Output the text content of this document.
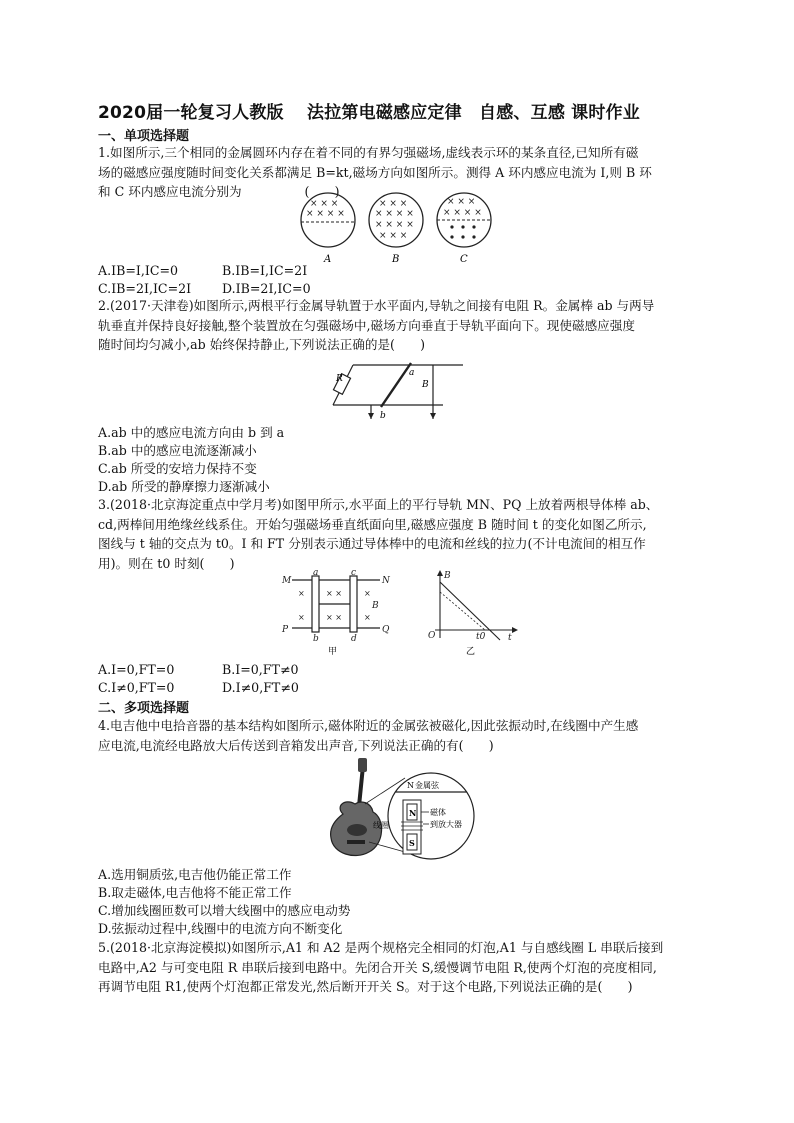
2020届一轮复习人教版　 法拉第电磁感应定律　自感、互感 课时作业
一、单项选择题
1.如图所示,三个相同的金属圆环内存在着不同的有界匀强磁场,虚线表示环的某条直径,已知所有磁
场的磁感应强度随时间变化关系都满足 B=kt,磁场方向如图所示。测得 A 环内感应电流为 I,则 B 环
和 C 环内感应电流分别为　　　　　(　　)
× × ×
× × × ×
× × ×
× × × ×
× × × ×
× × ×
× × ×
× × × ×
A	B	C
A.IB=I,IC=0	B.IB=I,IC=2I
C.IB=2I,IC=2I D.IB=2I,IC=0
2.(2017·天津卷)如图所示,两根平行金属导轨置于水平面内,导轨之间接有电阻 R。金属棒 ab 与两导
轨垂直并保持良好接触,整个装置放在匀强磁场中,磁场方向垂直于导轨平面向下。现使磁感应强度
随时间均匀减小,ab 始终保持静止,下列说法正确的是(　　)
R
a
b
B
A.ab 中的感应电流方向由 b 到 a
B.ab 中的感应电流逐渐减小
C.ab 所受的安培力保持不变
D.ab 所受的静摩擦力逐渐减小
3.(2018·北京海淀重点中学月考)如图甲所示,水平面上的平行导轨 MN、PQ 上放着两根导体棒 ab、
cd,两棒间用绝缘丝线系住。开始匀强磁场垂直纸面向里,磁感应强度 B 随时间 t 的变化如图乙所示,
图线与 t 轴的交点为 t0。I 和 FT 分别表示通过导体棒中的电流和丝线的拉力(不计电流间的相互作
用)。则在 t0 时刻(　　)
×	× ×	×
×	× ×	×
M	N
P	Q
a
b
c
d
B
甲
B
O	t0	t
乙
A.I=0,FT=0	B.I=0,FT≠0
C.I≠0,FT=0	D.I≠0,FT≠0
二、多项选择题
4.电吉他中电拾音器的基本结构如图所示,磁体附近的金属弦被磁化,因此弦振动时,在线圈中产生感
应电流,电流经电路放大后传送到音箱发出声音,下列说法正确的有(　　)
N 金属弦
N
S
磁体
到放大器
线圈
A.选用铜质弦,电吉他仍能正常工作
B.取走磁体,电吉他将不能正常工作
C.增加线圈匝数可以增大线圈中的感应电动势
D.弦振动过程中,线圈中的电流方向不断变化
5.(2018·北京海淀模拟)如图所示,A1 和 A2 是两个规格完全相同的灯泡,A1 与自感线圈 L 串联后接到
电路中,A2 与可变电阻 R 串联后接到电路中。先闭合开关 S,缓慢调节电阻 R,使两个灯泡的亮度相同,
再调节电阻 R1,使两个灯泡都正常发光,然后断开开关 S。对于这个电路,下列说法正确的是(　　)
